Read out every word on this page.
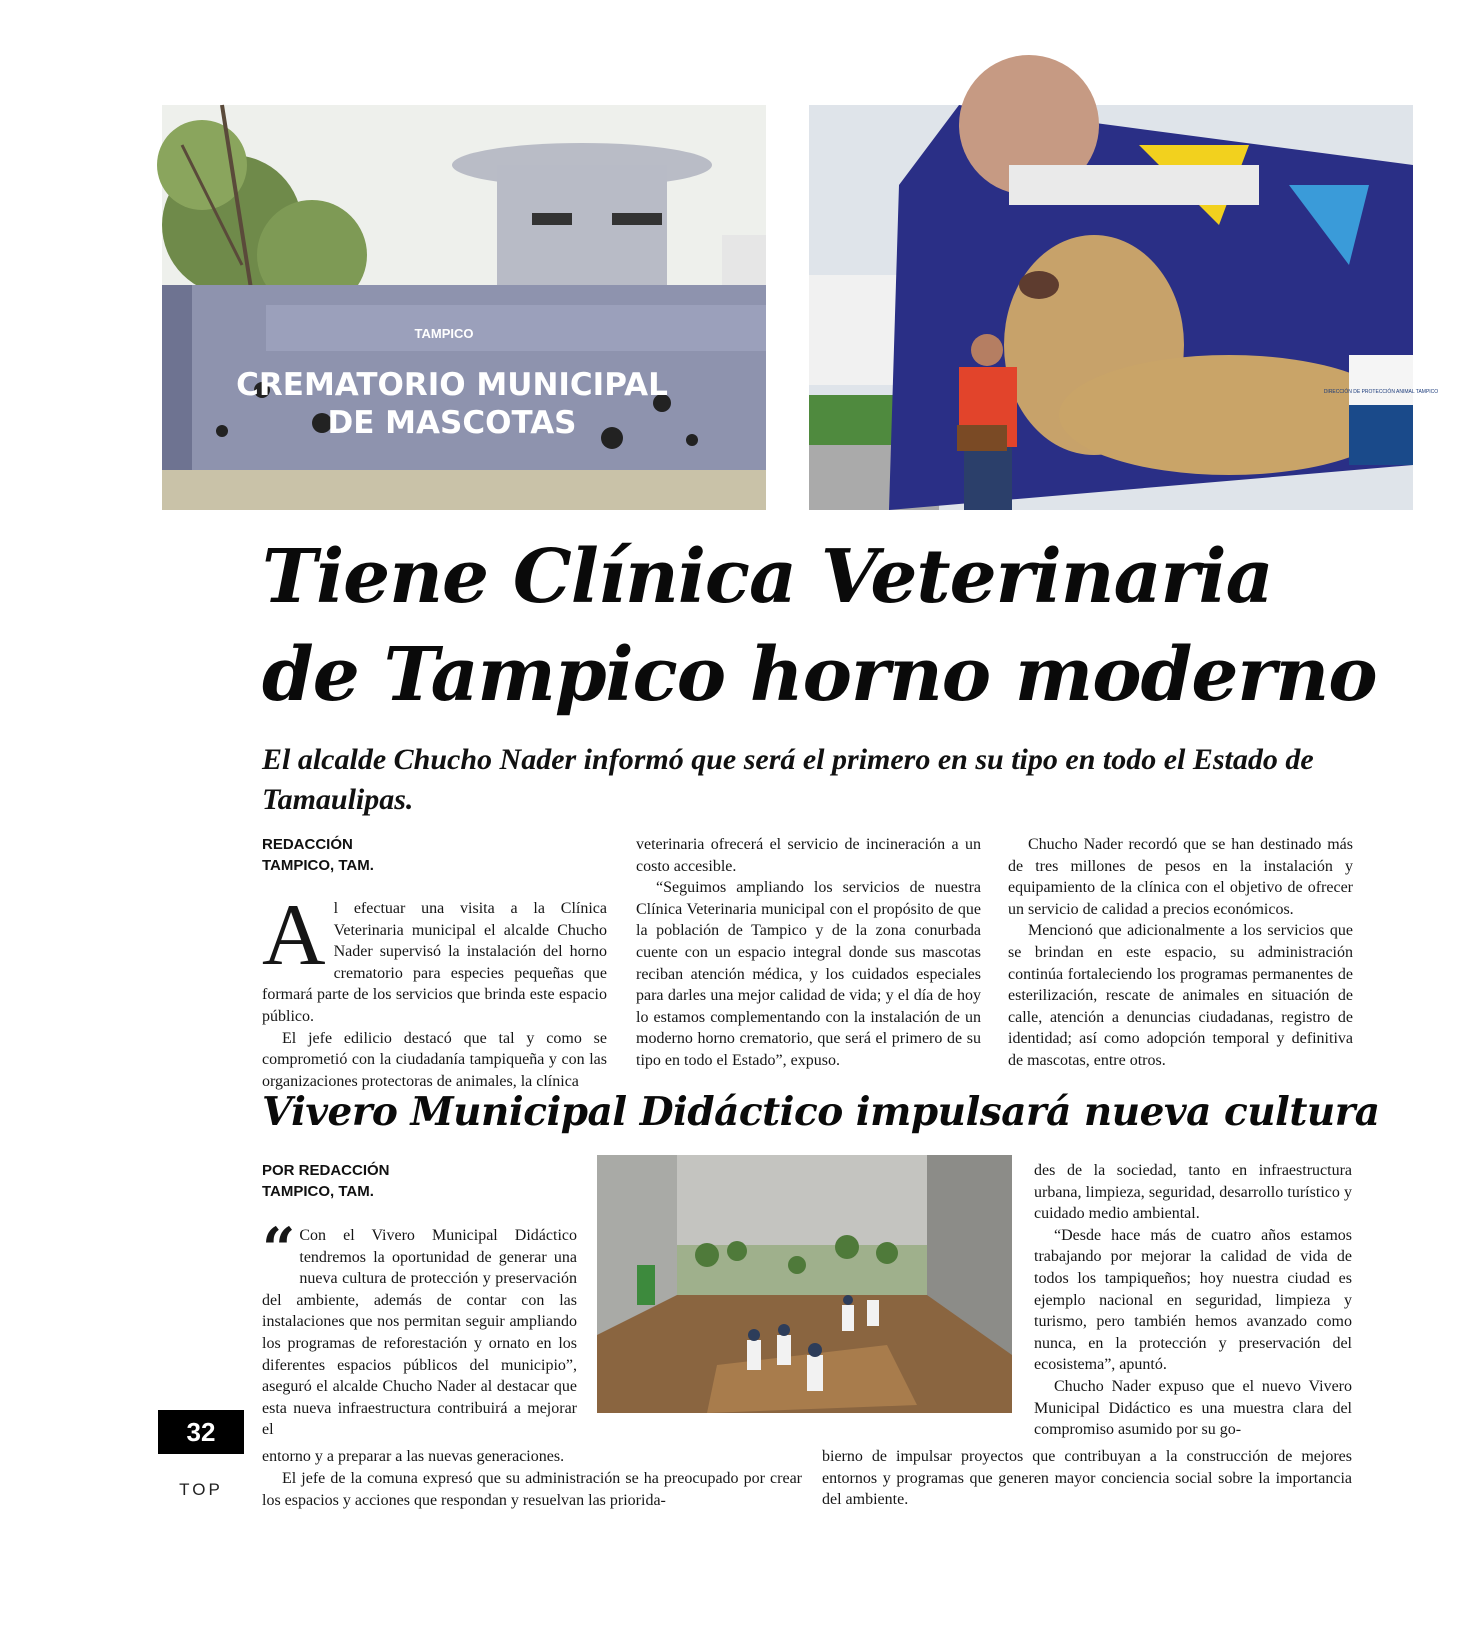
TAMPICO
CREMATORIO MUNICIPAL
DE MASCOTAS
DIRECCIÓN DE PROTECCIÓN ANIMAL TAMPICO
Tiene Clínica Veterinaria
de Tampico horno moderno

El alcalde Chucho Nader informó que será el primero en su tipo en todo el Estado de Tamaulipas.

REDACCIÓN
TAMPICO, TAM.

Al efectuar una visita a la Clínica Veterinaria municipal el alcalde Chucho Nader supervisó la instalación del horno crematorio para especies pequeñas que formará parte de los servicios que brinda este espacio público.

El jefe edilicio destacó que tal y como se comprometió con la ciudadanía tampiqueña y con las organizaciones protectoras de animales, la clínica

veterinaria ofrecerá el servicio de incineración a un costo accesible.

“Seguimos ampliando los servicios de nuestra Clínica Veterinaria municipal con el propósito de que la población de Tampico y de la zona conurbada cuente con un espacio integral donde sus mascotas reciban atención médica, y los cuidados especiales para darles una mejor calidad de vida; y el día de hoy lo estamos complementando con la instalación de un moderno horno crematorio, que será el primero de su tipo en todo el Estado”, expuso.

Chucho Nader recordó que se han destinado más de tres millones de pesos en la instalación y equipamiento de la clínica con el objetivo de ofrecer un servicio de calidad a precios económicos.

Mencionó que adicionalmente a los servicios que se brindan en este espacio, su administración continúa fortaleciendo los programas permanentes de esterilización, rescate de animales en situación de calle, atención a denuncias ciudadanas, registro de identidad; así como adopción temporal y definitiva de mascotas, entre otros.

Vivero Municipal Didáctico impulsará nueva cultura
POR REDACCIÓN
TAMPICO, TAM.

“ Con el Vivero Municipal Didáctico tendremos la oportunidad de generar una nueva cultura de protección y preservación del ambiente, además de contar con las instalaciones que nos permitan seguir ampliando los programas de reforestación y ornato en los diferentes espacios públicos del municipio”, aseguró el alcalde Chucho Nader al destacar que esta nueva infraestructura contribuirá a mejorar el

des de la sociedad, tanto en infraestructura urbana, limpieza, seguridad, desarrollo turístico y cuidado medio ambiental.

“Desde hace más de cuatro años estamos trabajando por mejorar la calidad de vida de todos los tampiqueños; hoy nuestra ciudad es ejemplo nacional en seguridad, limpieza y turismo, pero también hemos avanzado como nunca, en la protección y preservación del ecosistema”, apuntó.

Chucho Nader expuso que el nuevo Vivero Municipal Didáctico es una muestra clara del compromiso asumido por su go-

entorno y a preparar a las nuevas generaciones.

El jefe de la comuna expresó que su administración se ha preocupado por crear los espacios y acciones que respondan y resuelvan las priorida-

bierno de impulsar proyectos que contribuyan a la construcción de mejores entornos y programas que generen mayor conciencia social sobre la importancia del ambiente.

32
TOP
